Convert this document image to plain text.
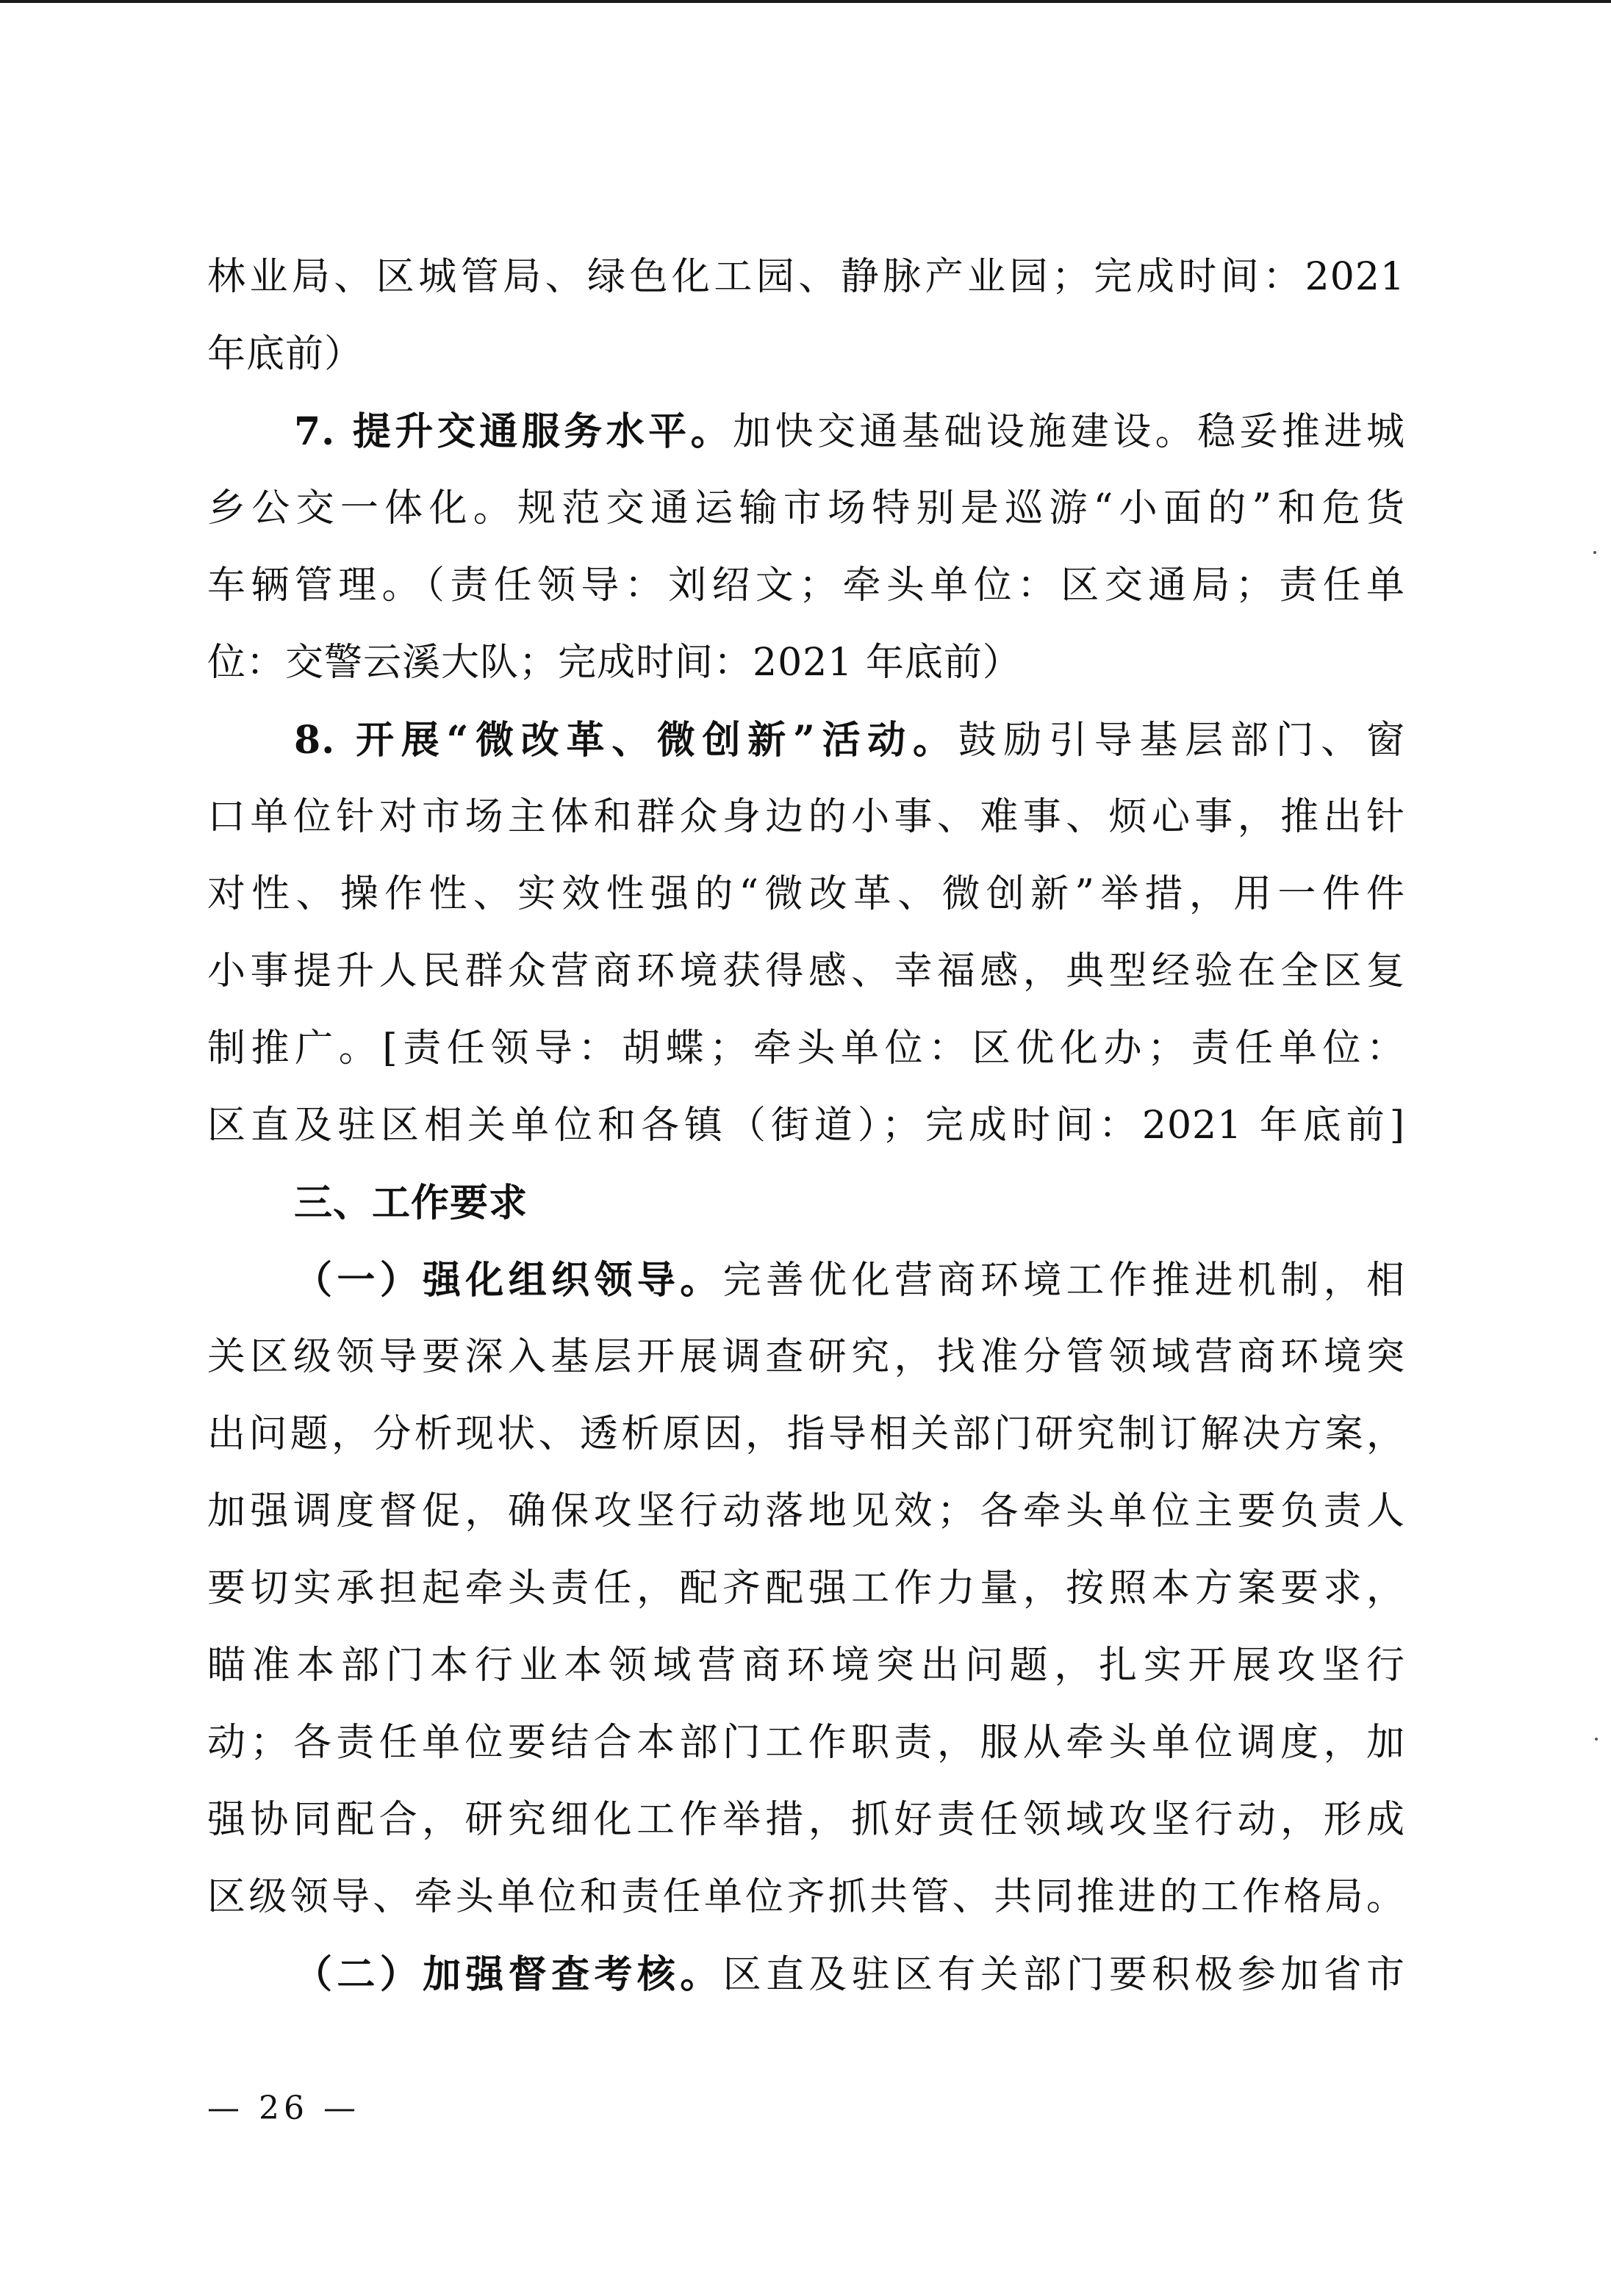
林业局、区城管局、绿色化工园、静脉产业园；完成时间：2021
年底前）
7. 提升交通服务水平。加快交通基础设施建设。稳妥推进城
乡公交一体化。规范交通运输市场特别是巡游“小面的”和危货
车辆管理。（责任领导：刘绍文；牵头单位：区交通局；责任单
位：交警云溪大队；完成时间：2021 年底前）
8. 开展“微改革、微创新”活动。鼓励引导基层部门、窗
口单位针对市场主体和群众身边的小事、难事、烦心事，推出针
对性、操作性、实效性强的“微改革、微创新”举措，用一件件
小事提升人民群众营商环境获得感、幸福感，典型经验在全区复
制推广。[责任领导：胡蝶；牵头单位：区优化办；责任单位：
区直及驻区相关单位和各镇（街道）；完成时间：2021 年底前]
三、工作要求
（一）强化组织领导。完善优化营商环境工作推进机制，相
关区级领导要深入基层开展调查研究，找准分管领域营商环境突
出问题，分析现状、透析原因，指导相关部门研究制订解决方案，
加强调度督促，确保攻坚行动落地见效；各牵头单位主要负责人
要切实承担起牵头责任，配齐配强工作力量，按照本方案要求，
瞄准本部门本行业本领域营商环境突出问题，扎实开展攻坚行
动；各责任单位要结合本部门工作职责，服从牵头单位调度，加
强协同配合，研究细化工作举措，抓好责任领域攻坚行动，形成
区级领导、牵头单位和责任单位齐抓共管、共同推进的工作格局。
（二）加强督查考核。区直及驻区有关部门要积极参加省市
— 26 —
